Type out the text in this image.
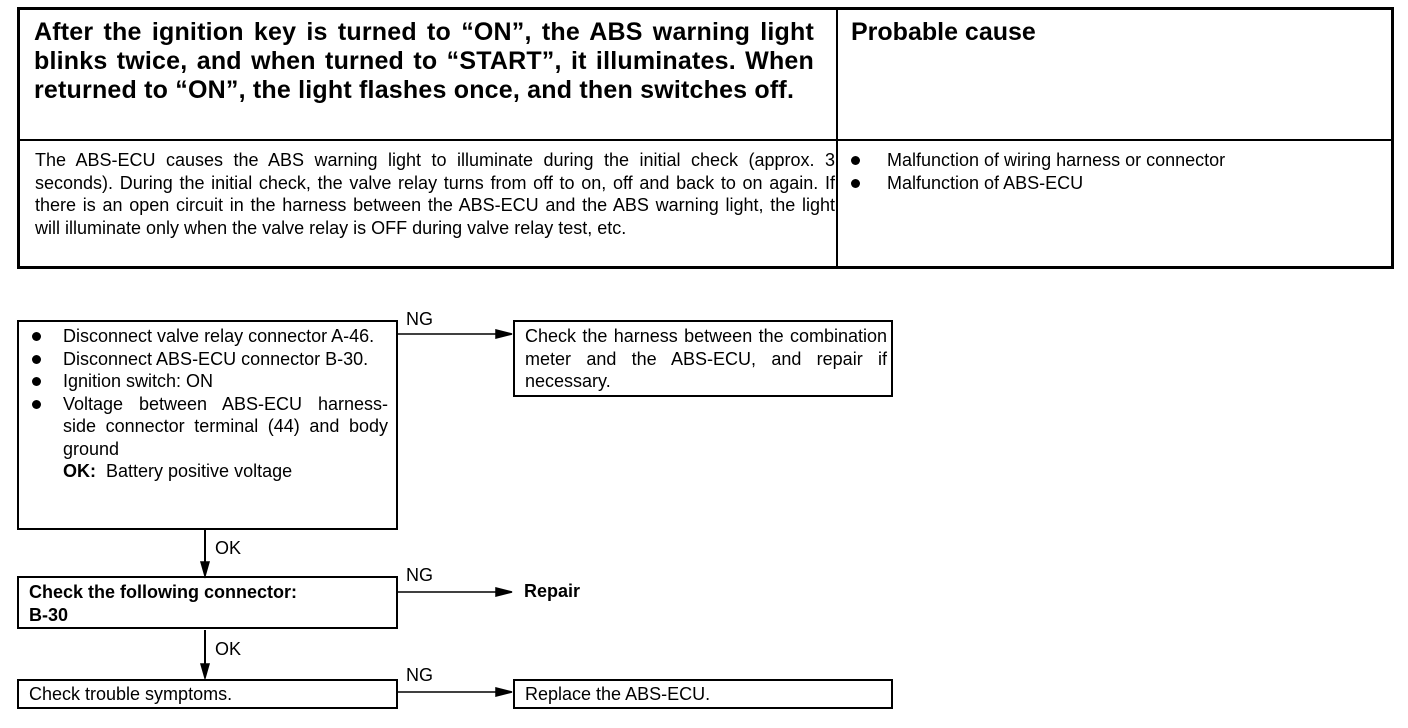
After the ignition key is turned to “ON”, the ABS warning light blinks twice, and when turned to “START”, it illuminates. When returned to “ON”, the light flashes once, and then switches off.
Probable cause
The ABS-ECU causes the ABS warning light to illuminate during the initial check (approx. 3 seconds). During the initial check, the valve relay turns from off to on, off and back to on again. If there is an open circuit in the harness between the ABS-ECU and the ABS warning light, the light will illuminate only when the valve relay is OFF during valve relay test, etc.
Malfunction of wiring harness or connector
Malfunction of ABS-ECU
Disconnect valve relay connector A-46.
Disconnect ABS-ECU connector B-30.
Ignition switch: ON
Voltage between ABS-ECU harness-side connector terminal (44) and body ground
OK: Battery positive voltage
NG
Check the harness between the combination meter and the ABS-ECU, and repair if necessary.
OK
Check the following connector:
B-30
NG
Repair
OK
Check trouble symptoms.
NG
Replace the ABS-ECU.
